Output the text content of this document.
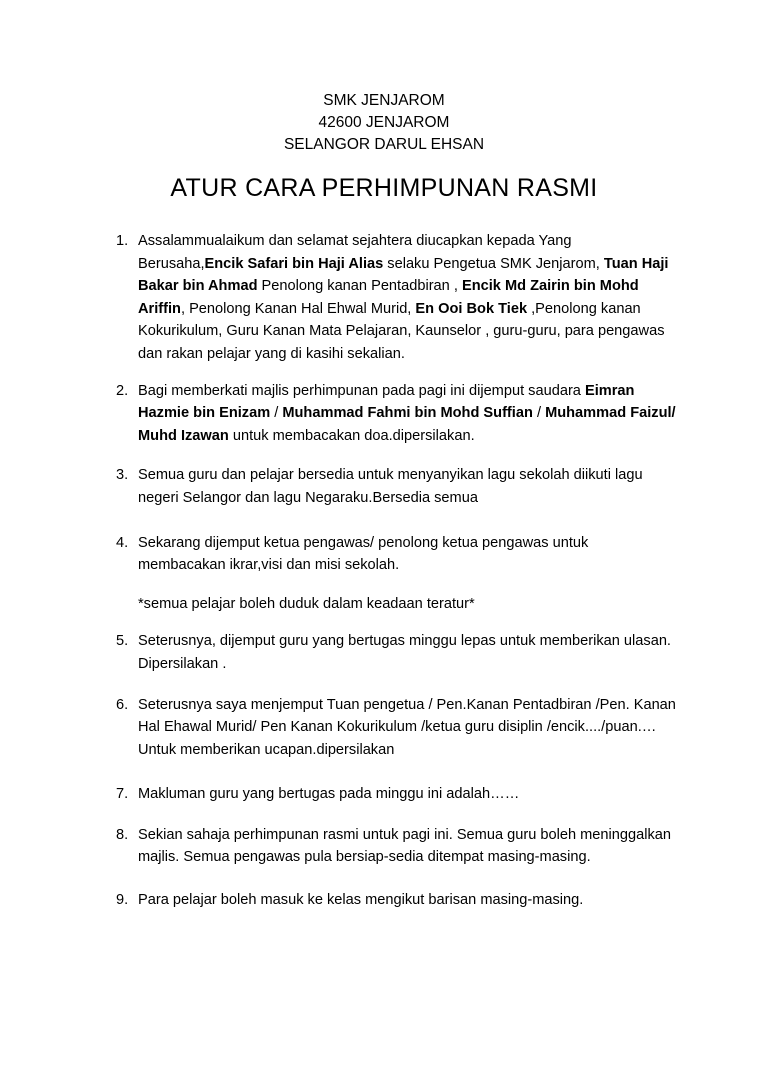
SMK JENJAROM
42600 JENJAROM
SELANGOR DARUL EHSAN
ATUR CARA PERHIMPUNAN RASMI
1. Assalammualaikum dan selamat sejahtera diucapkan kepada Yang Berusaha,Encik Safari bin Haji Alias selaku Pengetua SMK Jenjarom, Tuan Haji Bakar bin Ahmad Penolong kanan Pentadbiran , Encik Md Zairin bin Mohd Ariffin, Penolong Kanan Hal Ehwal Murid, En Ooi Bok Tiek ,Penolong kanan Kokurikulum, Guru Kanan Mata Pelajaran, Kaunselor , guru-guru, para pengawas dan rakan pelajar yang di kasihi sekalian.

2. Bagi memberkati majlis perhimpunan pada pagi ini dijemput saudara Eimran Hazmie bin Enizam / Muhammad Fahmi bin Mohd Suffian / Muhammad Faizul/ Muhd Izawan untuk membacakan doa.dipersilakan.

3. Semua guru dan pelajar bersedia untuk menyanyikan lagu sekolah diikuti lagu negeri Selangor dan lagu Negaraku.Bersedia semua

4. Sekarang dijemput ketua pengawas/ penolong ketua pengawas untuk membacakan ikrar,visi dan misi sekolah.

*semua pelajar boleh duduk dalam keadaan teratur*

5. Seterusnya, dijemput guru yang bertugas minggu lepas untuk memberikan ulasan. Dipersilakan .

6. Seterusnya saya menjemput Tuan pengetua / Pen.Kanan Pentadbiran /Pen. Kanan Hal Ehawal Murid/ Pen Kanan Kokurikulum /ketua guru disiplin /encik..../puan.… Untuk memberikan ucapan.dipersilakan

7. Makluman guru yang bertugas pada minggu ini adalah……

8. Sekian sahaja perhimpunan rasmi untuk pagi ini. Semua guru boleh meninggalkan majlis. Semua pengawas pula bersiap-sedia ditempat masing-masing.

9. Para pelajar boleh masuk ke kelas mengikut barisan masing-masing.
